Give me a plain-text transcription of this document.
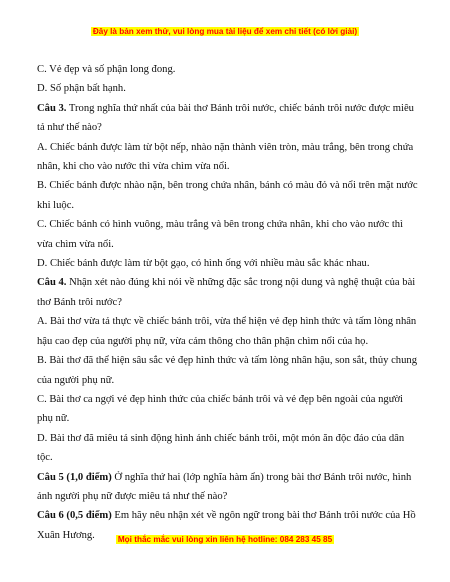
Đây là bản xem thử, vui lòng mua tài liệu để xem chi tiết (có lời giải)

C. Vẻ đẹp và số phận long đong.

D. Số phận bất hạnh.

Câu 3. Trong nghĩa thứ nhất của bài thơ Bánh trôi nước, chiếc bánh trôi nước được miêu tả như thế nào?

A. Chiếc bánh được làm từ bột nếp, nhào nặn thành viên tròn, màu trắng, bên trong chứa nhân, khi cho vào nước thì vừa chìm vừa nổi.

B. Chiếc bánh được nhào nặn, bên trong chứa nhân, bánh có màu đỏ và nổi trên mặt nước khi luộc.

C. Chiếc bánh có hình vuông, màu trắng và bên trong chứa nhân, khi cho vào nước thì vừa chìm vừa nổi.

D. Chiếc bánh được làm từ bột gạo, có hình ống với nhiều màu sắc khác nhau.

Câu 4. Nhận xét nào đúng khi nói về những đặc sắc trong nội dung và nghệ thuật của bài thơ Bánh trôi nước?

A. Bài thơ vừa tả thực về chiếc bánh trôi, vừa thể hiện vẻ đẹp hình thức và tấm lòng nhân hậu cao đẹp của người phụ nữ, vừa cảm thông cho thân phận chìm nổi của họ.

B. Bài thơ đã thể hiện sâu sắc vẻ đẹp hình thức và tấm lòng nhân hậu, son sắt, thủy chung của người phụ nữ.

C. Bài thơ ca ngợi vẻ đẹp hình thức của chiếc bánh trôi và vẻ đẹp bên ngoài của người phụ nữ.

D. Bài thơ đã miêu tả sinh động hình ảnh chiếc bánh trôi, một món ăn độc đáo của dân tộc.

Câu 5 (1,0 điểm) Ở nghĩa thứ hai (lớp nghĩa hàm ẩn) trong bài thơ Bánh trôi nước, hình ảnh người phụ nữ được miêu tả như thế nào?

Câu 6 (0,5 điểm) Em hãy nêu nhận xét về ngôn ngữ trong bài thơ Bánh trôi nước của Hồ Xuân Hương.	Mọi thắc mắc vui lòng xin liên hệ hotline: 084 283 45 85
